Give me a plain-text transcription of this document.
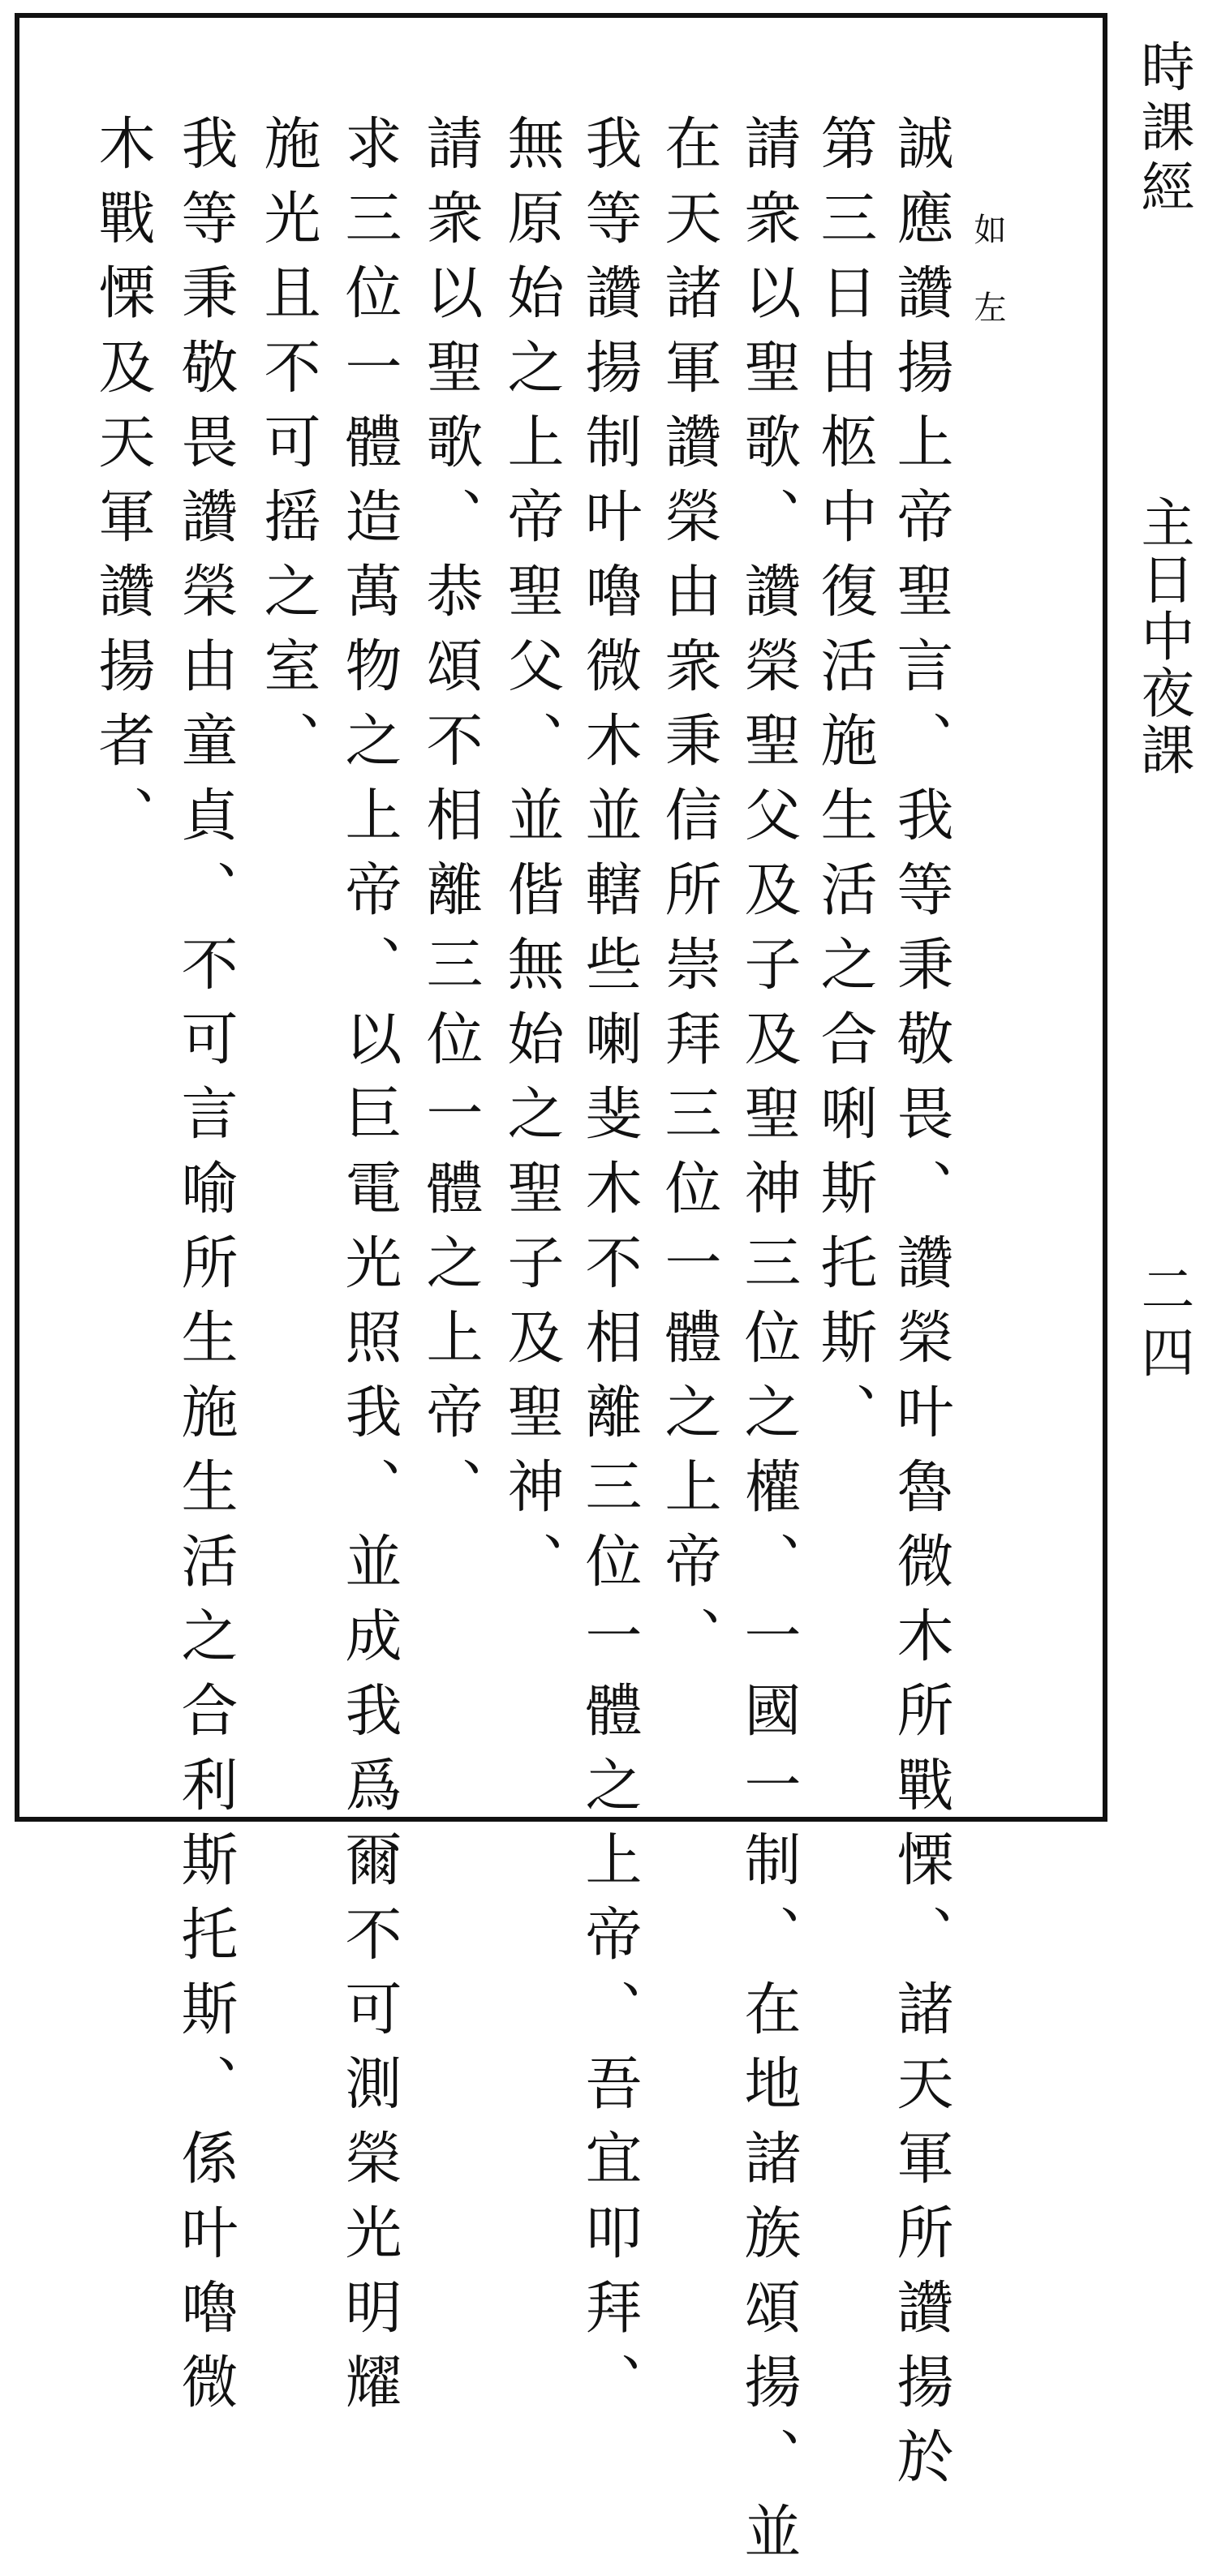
時課經
主日中夜課
二四
如左
誠應讚揚上帝聖言、我等秉敬畏、讚榮叶魯微木所戰慄、諸天軍所讚揚於
第三日由柩中復活施生活之合唎斯托斯、
請衆以聖歌、讚榮聖父及子及聖神三位之權、一國一制、在地諸族頌揚、並
在天諸軍讚榮由衆秉信所崇拜三位一體之上帝、
我等讚揚制叶嚕微木並轄些喇斐木不相離三位一體之上帝、吾宜叩拜、
無原始之上帝聖父、並偕無始之聖子及聖神、
請衆以聖歌、恭頌不相離三位一體之上帝、
求三位一體造萬物之上帝、以巨電光照我、並成我爲爾不可測榮光明耀
施光且不可摇之室、
我等秉敬畏讚榮由童貞、不可言喻所生施生活之合利斯托斯、係叶嚕微
木戰慄及天軍讚揚者、
